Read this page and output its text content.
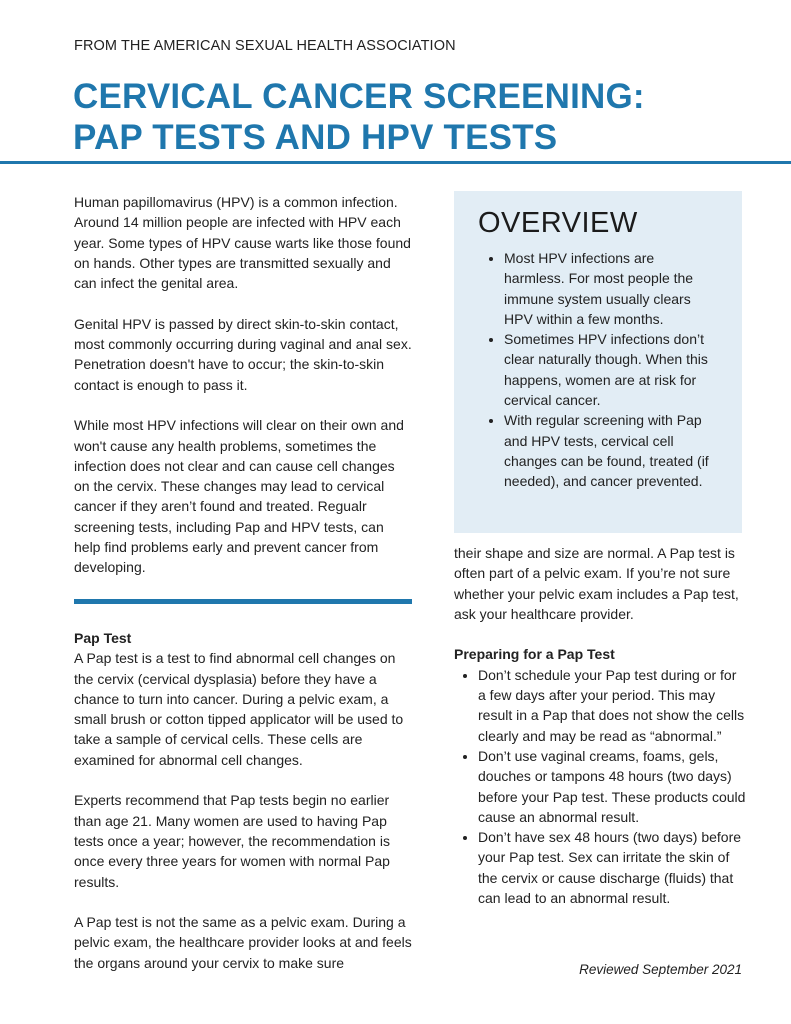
FROM THE AMERICAN SEXUAL HEALTH ASSOCIATION
CERVICAL CANCER SCREENING:
PAP TESTS AND HPV TESTS

Human papillomavirus (HPV) is a common infection. Around 14 million people are infected with HPV each year. Some types of HPV cause warts like those found on hands. Other types are transmitted sexually and can infect the genital area.

Genital HPV is passed by direct skin-to-skin contact, most commonly occurring during vaginal and anal sex. Penetration doesn't have to occur; the skin-to-skin contact is enough to pass it.

While most HPV infections will clear on their own and won't cause any health problems, sometimes the infection does not clear and can cause cell changes on the cervix. These changes may lead to cervical cancer if they aren’t found and treated. Regualr screening tests, including Pap and HPV tests, can help find problems early and prevent cancer from developing.

Pap Test

A Pap test is a test to find abnormal cell changes on the cervix (cervical dysplasia) before they have a chance to turn into cancer. During a pelvic exam, a small brush or cotton tipped applicator will be used to take a sample of cervical cells. These cells are examined for abnormal cell changes.

Experts recommend that Pap tests begin no earlier than age 21. Many women are used to having Pap tests once a year; however, the recommendation is once every three years for women with normal Pap results.

A Pap test is not the same as a pelvic exam. During a pelvic exam, the healthcare provider looks at and feels the organs around your cervix to make sure

OVERVIEW
• Most HPV infections are harmless. For most people the immune system usually clears HPV within a few months.
• Sometimes HPV infections don’t clear naturally though. When this happens, women are at risk for cervical cancer.
• With regular screening with Pap and HPV tests, cervical cell changes can be found, treated (if needed), and cancer prevented.

their shape and size are normal. A Pap test is often part of a pelvic exam. If you’re not sure whether your pelvic exam includes a Pap test, ask your healthcare provider.

Preparing for a Pap Test
• Don’t schedule your Pap test during or for a few days after your period. This may result in a Pap that does not show the cells clearly and may be read as “abnormal.”
• Don’t use vaginal creams, foams, gels, douches or tampons 48 hours (two days) before your Pap test. These products could cause an abnormal result.
• Don’t have sex 48 hours (two days) before your Pap test. Sex can irritate the skin of the cervix or cause discharge (fluids) that can lead to an abnormal result.
Reviewed September 2021
